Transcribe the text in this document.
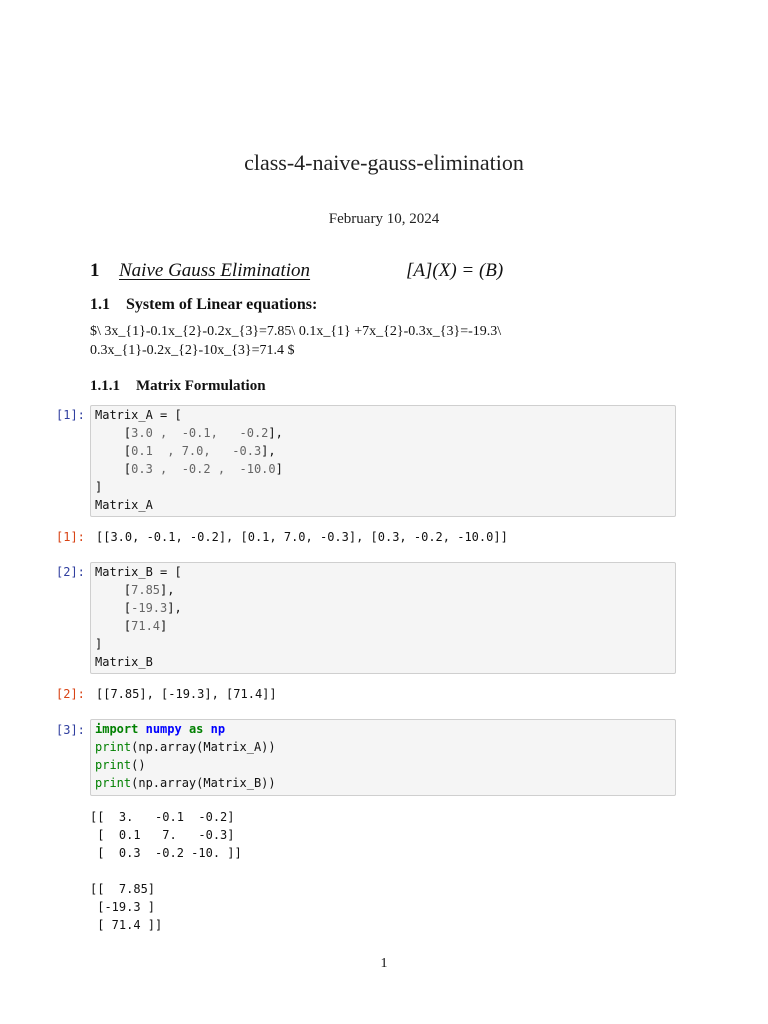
class-4-naive-gauss-elimination
February 10, 2024
1 Naive Gauss Elimination	[A](X) = (B)
1.1 System of Linear equations:
$\ 3x_{1}-0.1x_{2}-0.2x_{3}=7.85\ 0.1x_{1} +7x_{2}-0.3x_{3}=-19.3\ 0.3x_{1}-0.2x_{2}-10x_{3}=71.4 $
1.1.1 Matrix Formulation
[1]: Matrix_A = [
[3.0 ,  -0.1,   -0.2],
[0.1  , 7.0,   -0.3],
[0.3 ,  -0.2 ,  -10.0]
]
Matrix_A
[1]: [[3.0, -0.1, -0.2], [0.1, 7.0, -0.3], [0.3, -0.2, -10.0]]
[2]: Matrix_B = [
[7.85],
[-19.3],
[71.4]
]
Matrix_B
[2]: [[7.85], [-19.3], [71.4]]
[3]: import numpy as np
print(np.array(Matrix_A))
print()
print(np.array(Matrix_B))
[[  3.   -0.1  -0.2]
[  0.1   7.   -0.3]
[  0.3  -0.2 -10. ]]
[[  7.85]
[-19.3 ]
[ 71.4 ]]
1
